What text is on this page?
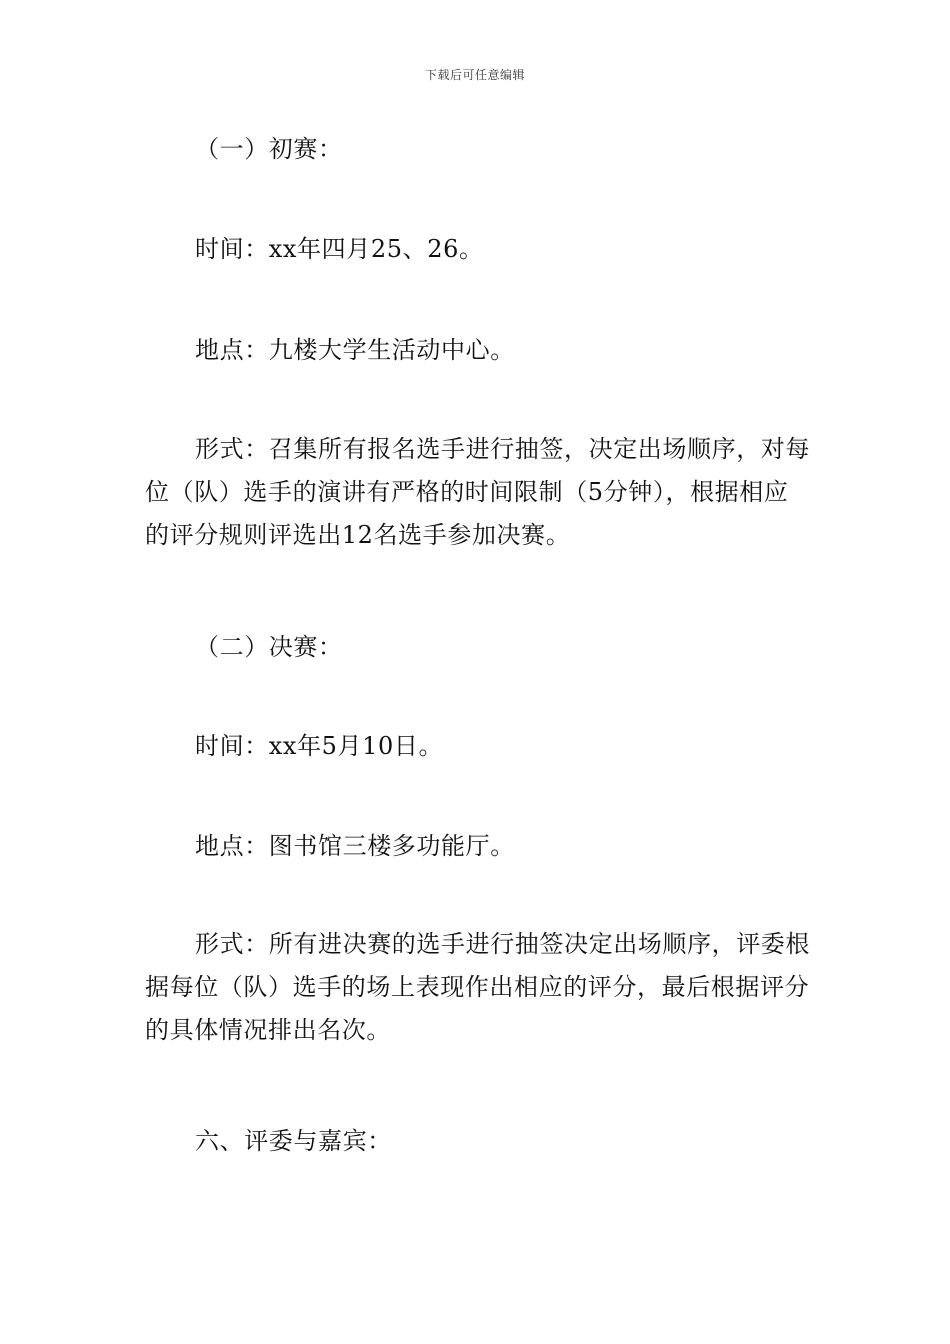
下载后可任意编辑

（一）初赛：

时间：xx年四月25、26。

地点：九楼大学生活动中心。

形式：召集所有报名选手进行抽签，决定出场顺序，对每位（队）选手的演讲有严格的时间限制（5分钟），根据相应的评分规则评选出12名选手参加决赛。

（二）决赛：

时间：xx年5月10日。

地点：图书馆三楼多功能厅。

形式：所有进决赛的选手进行抽签决定出场顺序，评委根据每位（队）选手的场上表现作出相应的评分，最后根据评分的具体情况排出名次。

六、评委与嘉宾：
